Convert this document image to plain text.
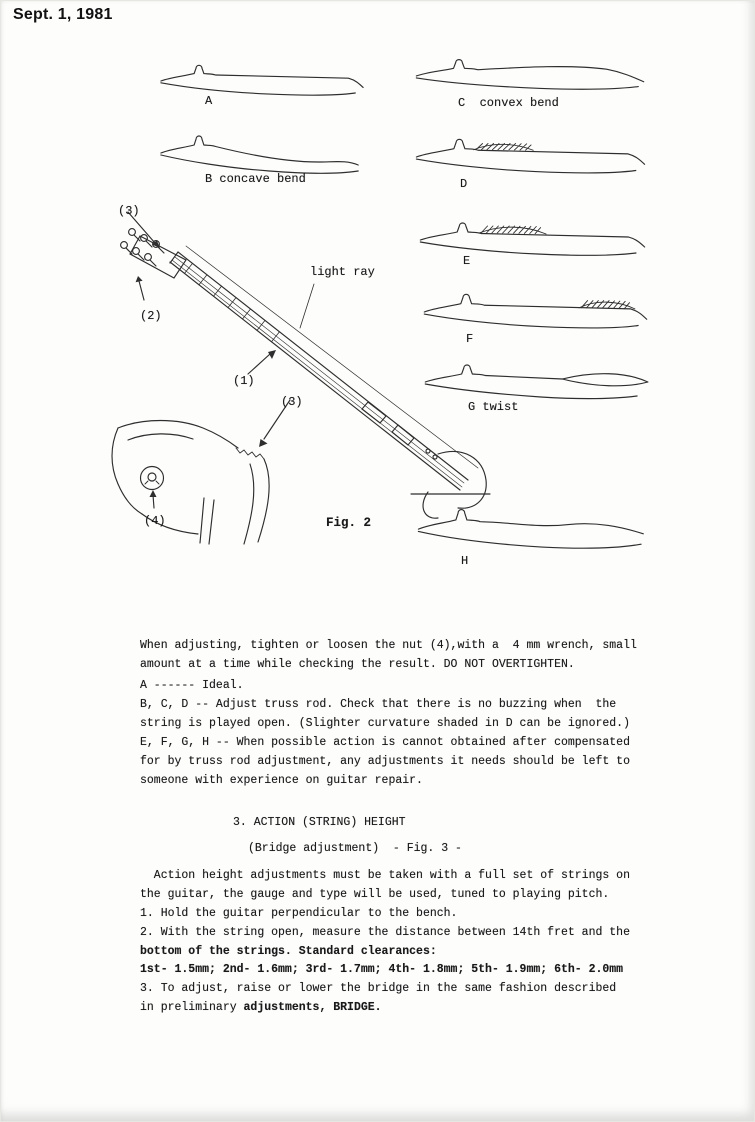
Sept. 1, 1981
A	C  convex bend
B concave bend	D
E
F
G twist
H
(3)
(2)
light ray
(1)
(3)
(4)	Fig. 2
When adjusting, tighten or loosen the nut (4),with a  4 mm wrench, small
amount at a time while checking the result. DO NOT OVERTIGHTEN.
A ------ Ideal.
B, C, D -- Adjust truss rod. Check that there is no buzzing when  the
string is played open. (Slighter curvature shaded in D can be ignored.)
E, F, G, H -- When possible action is cannot obtained after compensated
for by truss rod adjustment, any adjustments it needs should be left to
someone with experience on guitar repair.
3. ACTION (STRING) HEIGHT
(Bridge adjustment)  - Fig. 3 -
Action height adjustments must be taken with a full set of strings on
the guitar, the gauge and type will be used, tuned to playing pitch.
1. Hold the guitar perpendicular to the bench.
2. With the string open, measure the distance between 14th fret and the
bottom of the strings. Standard clearances:
1st- 1.5mm; 2nd- 1.6mm; 3rd- 1.7mm; 4th- 1.8mm; 5th- 1.9mm; 6th- 2.0mm
3. To adjust, raise or lower the bridge in the same fashion described
in preliminary adjustments, BRIDGE.
